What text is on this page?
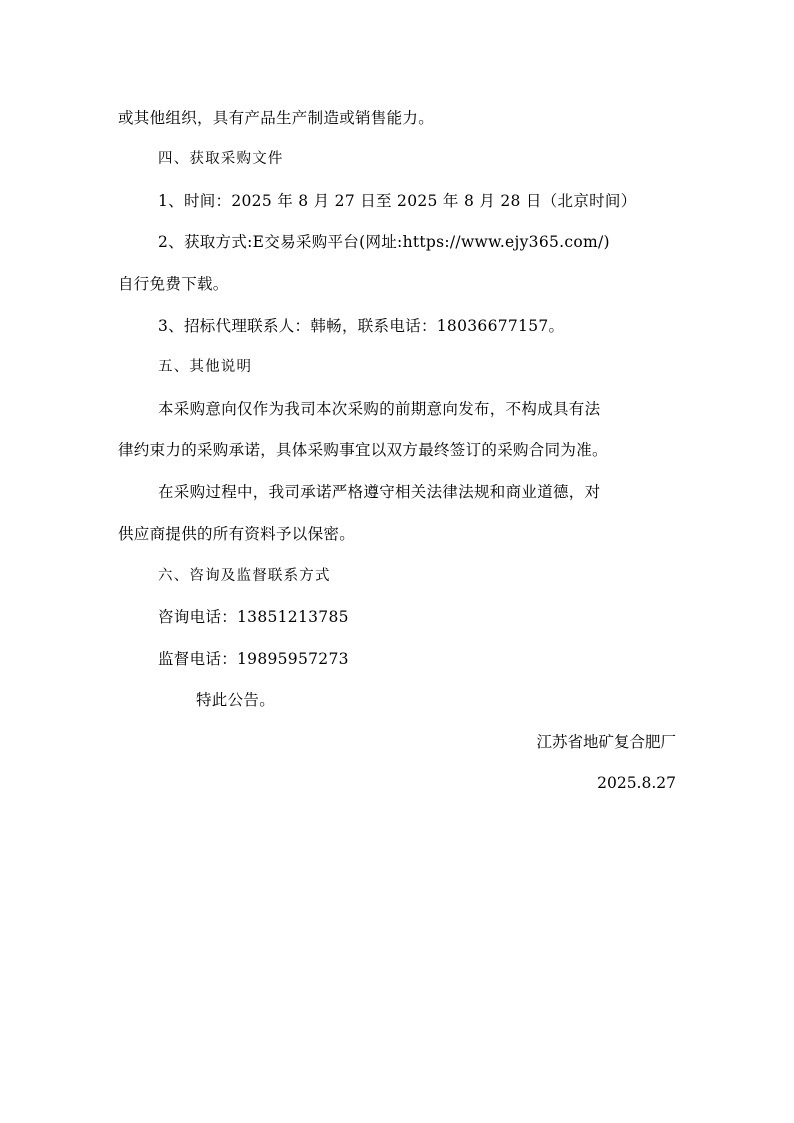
或其他组织，具有产品生产制造或销售能力。
四、获取采购文件
1、时间：2025 年 8 月 27 日至 2025 年 8 月 28 日（北京时间）
2、获取方式:E交易采购平台(网址:https://www.ejy365.com/)
自行免费下载。
3、招标代理联系人：韩畅，联系电话：18036677157。
五、其他说明
本采购意向仅作为我司本次采购的前期意向发布，不构成具有法
律约束力的采购承诺，具体采购事宜以双方最终签订的采购合同为准。
在采购过程中，我司承诺严格遵守相关法律法规和商业道德，对
供应商提供的所有资料予以保密。
六、咨询及监督联系方式
咨询电话：13851213785
监督电话：19895957273
特此公告。
江苏省地矿复合肥厂
2025.8.27
